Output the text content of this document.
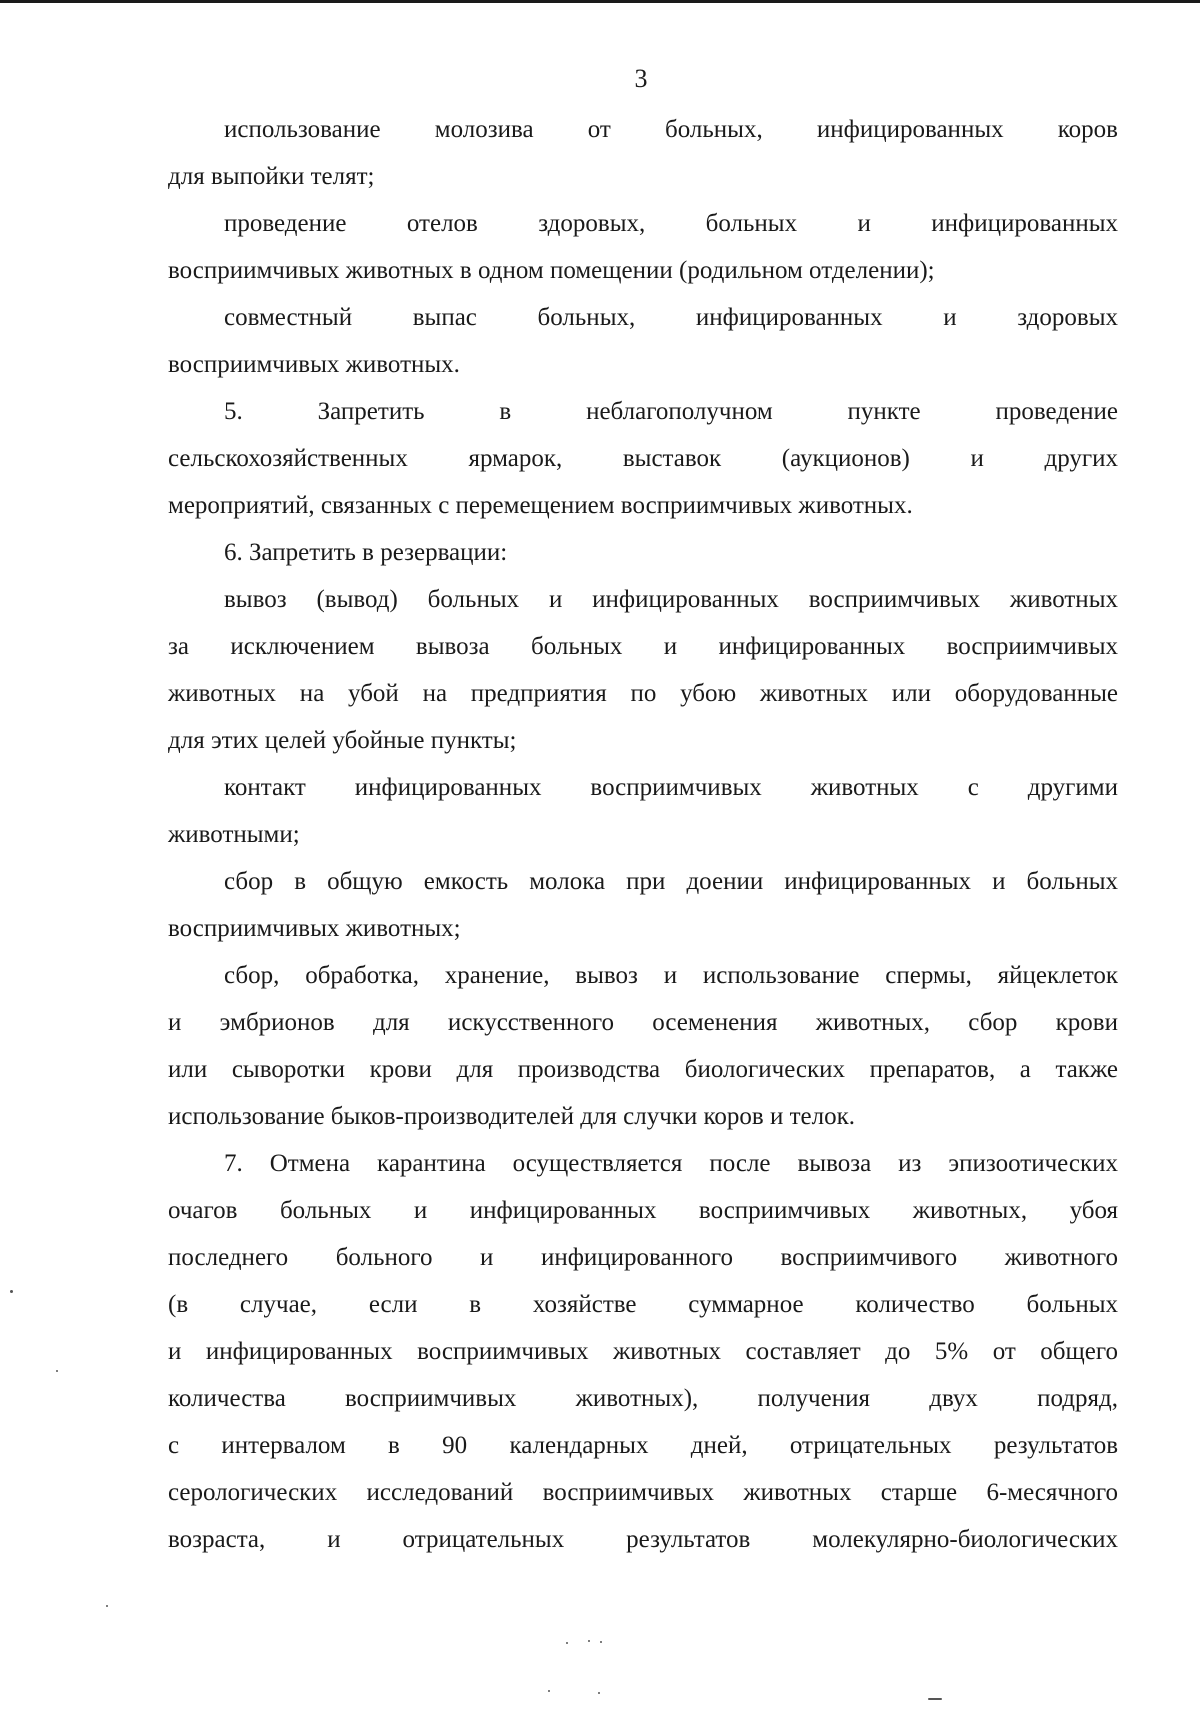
3
использование молозива от больных, инфицированных коров
для выпойки телят;
проведение отелов здоровых, больных и инфицированных
восприимчивых животных в одном помещении (родильном отделении);
совместный выпас больных, инфицированных и здоровых
восприимчивых животных.
5. Запретить в неблагополучном пункте проведение
сельскохозяйственных ярмарок, выставок (аукционов) и других
мероприятий, связанных с перемещением восприимчивых животных.
6. Запретить в резервации:
вывоз (вывод) больных и инфицированных восприимчивых животных
за исключением вывоза больных и инфицированных восприимчивых
животных на убой на предприятия по убою животных или оборудованные
для этих целей убойные пункты;
контакт инфицированных восприимчивых животных с другими
животными;
сбор в общую емкость молока при доении инфицированных и больных
восприимчивых животных;
сбор, обработка, хранение, вывоз и использование спермы, яйцеклеток
и эмбрионов для искусственного осеменения животных, сбор крови
или сыворотки крови для производства биологических препаратов, а также
использование быков-производителей для случки коров и телок.
7. Отмена карантина осуществляется после вывоза из эпизоотических
очагов больных и инфицированных восприимчивых животных, убоя
последнего больного и инфицированного восприимчивого животного
(в случае, если в хозяйстве суммарное количество больных
и инфицированных восприимчивых животных составляет до 5% от общего
количества восприимчивых животных), получения двух подряд,
с интервалом в 90 календарных дней, отрицательных результатов
серологических исследований восприимчивых животных старше 6-месячного
возраста, и отрицательных результатов молекулярно-биологических
